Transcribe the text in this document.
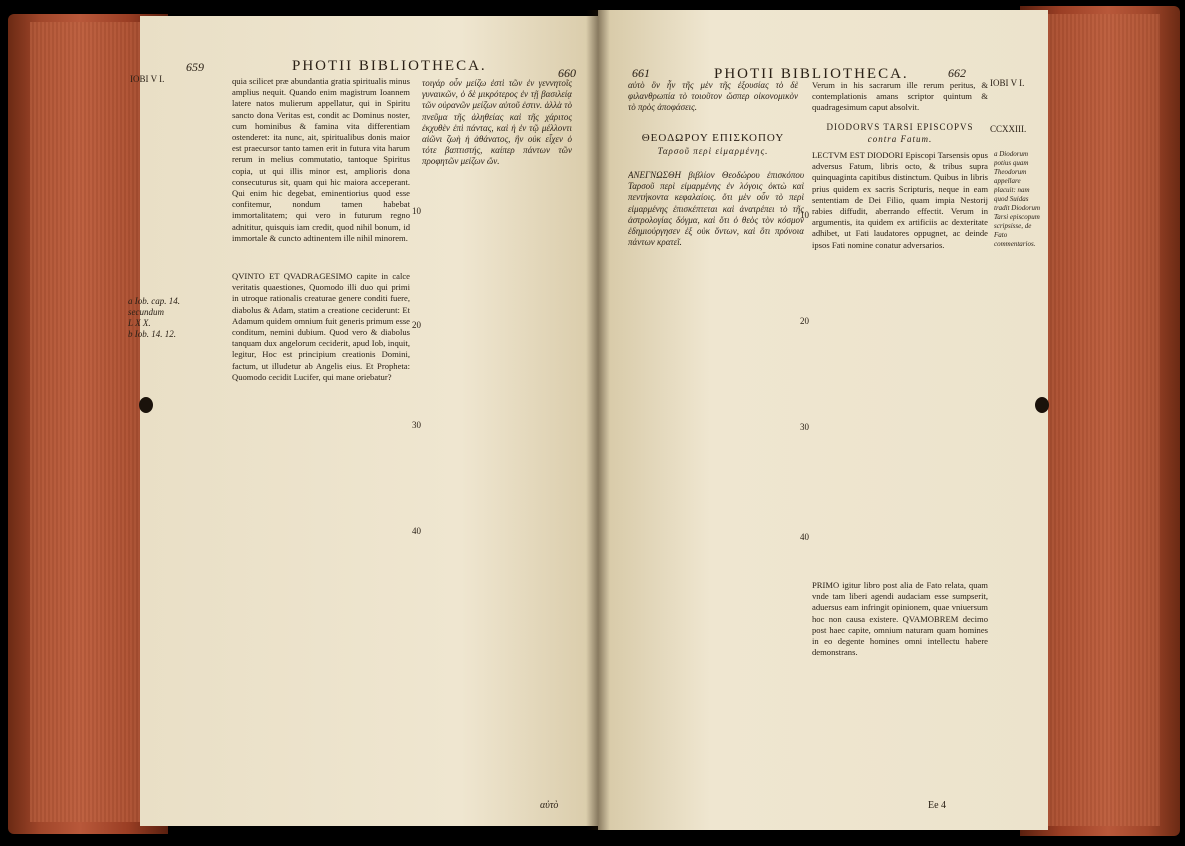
659	PHOTII BIBLIOTHECA.	660
IOBI V I.
a Iob. cap. 14.
secundum
L X X.
b Iob. 14. 12.

quia scilicet præ abundantia gratia spiritualis minus amplius nequit. Quando enim magistrum Ioannem latere natos mulierum appellatur, qui in Spiritu sancto dona Veritas est, condit ac Dominus noster, cum hominibus & famina vita differentiam ostenderet: ita nunc, ait, spiritualibus donis maior est praecursor tanto tamen erit in futura vita harum rerum in melius commutatio, tantoque Spiritus copia, ut qui illis minor est, amplioris dona consecuturus sit, quam qui hic maiora acceperant. Qui enim hic degebat, eminentiorius quod esse confitemur, nondum tamen habebat immortalitatem; qui vero in futurum regno adnititur, quisquis iam credit, quod nihil bonum, id immortale & cuncto adtinentem ille nihil minorem.

QVINTO ET QVADRAGESIMO capite in calce veritatis quaestiones, Quomodo illi duo qui primi in utroque rationalis creaturae genere conditi fuere, diabolus & Adam, statim a creatione ceciderunt: Et Adamum quidem omnium fuit generis primum esse conditum, nemini dubium. Quod vero & diabolus tanquam dux angelorum ceciderit, apud Iob, inquit, legitur, Hoc est principium creationis Domini, factum, ut illudetur ab Angelis eius. Et Propheta: Quomodo cecidit Lucifer, qui mane oriebatur?

τοιγάρ οὖν μείζω ἐστὶ τῶν ἐν γεννητοῖς γυναικῶν, ὁ δὲ μικρότερος ἐν τῇ βασιλείᾳ τῶν οὐρανῶν μείζων αὐτοῦ ἐστιν. ἀλλὰ τὸ πνεῦμα τῆς ἀληθείας καὶ τῆς χάριτος ἐκχυθὲν ἐπὶ πάντας, καὶ ἡ ἐν τῷ μέλλοντι αἰῶνι ζωὴ ἡ ἀθάνατος, ἣν οὐκ εἶχεν ὁ τότε βαπτιστής, καίπερ πάντων τῶν προφητῶν μείζων ὤν.

10
20
30
40
αὐτὸ
661	PHOTII BIBLIOTHECA.	662
IOBI V I.

αὐτὸ ὃν ἦν τῆς μὲν τῆς ἐξουσίας τὸ δὲ φιλανθρωπία τὸ τοιοῦτον ὥσπερ οἰκονομικὸν τὸ πρὸς ἀποφάσεις.

Verum in his sacrarum ille rerum peritus, & contemplationis amans scriptor quintum & quadragesimum caput absolvit.

ΘΕΟΔΩΡΟΥ ΕΠΙΣΚΟΠΟΥ
Ταρσοῦ περὶ εἱμαρμένης.
DIODORVS TARSI EPISCOPVS
contra Fatum.
CCXXIII.

ΑΝΕΓΝΩΣΘΗ βιβλίον Θεοδώρου ἐπισκόπου Ταρσοῦ περὶ εἱμαρμένης ἐν λόγοις ὀκτὼ καὶ πεντήκοντα κεφαλαίοις. ὅτι μὲν οὖν τὸ περὶ εἱμαρμένης ἐπισκέπτεται καὶ ἀνατρέπει τὸ τῆς ἀστρολογίας δόγμα, καὶ ὅτι ὁ θεὸς τὸν κόσμον ἐδημιούργησεν ἐξ οὐκ ὄντων, καὶ ὅτι πρόνοια πάντων κρατεῖ.

LECTVM EST DIODORI Episcopi Tarsensis opus adversus Fatum, libris octo, & tribus supra quinquaginta capitibus distinctum. Quibus in libris prius quidem ex sacris Scripturis, neque in eam sententiam de Dei Filio, quam impia Nestorij rabies diffudit, aberrando effectit. Verum in argumentis, ita quidem ex artificiis ac dexteritate adhibet, ut Fati laudatores oppugnet, ac deinde ipsos Fati nomine conatur adversarios.

PRIMO igitur libro post alia de Fato relata, quam vnde tam liberi agendi audaciam esse sumpserit, aduersus eam infringit opinionem, quae vniuersum hoc non causa existere. QVAMOBREM decimo post haec capite, omnium naturam quam homines in eo degente homines omni intellectu habere demonstrans.

a Diodorum potius quam Theodorum appellare placuit: nam quod Suidas tradit Diodorum Tarsi episcopum scripsisse, de Fato commentarios.

10
20
30
40
Ee 4
